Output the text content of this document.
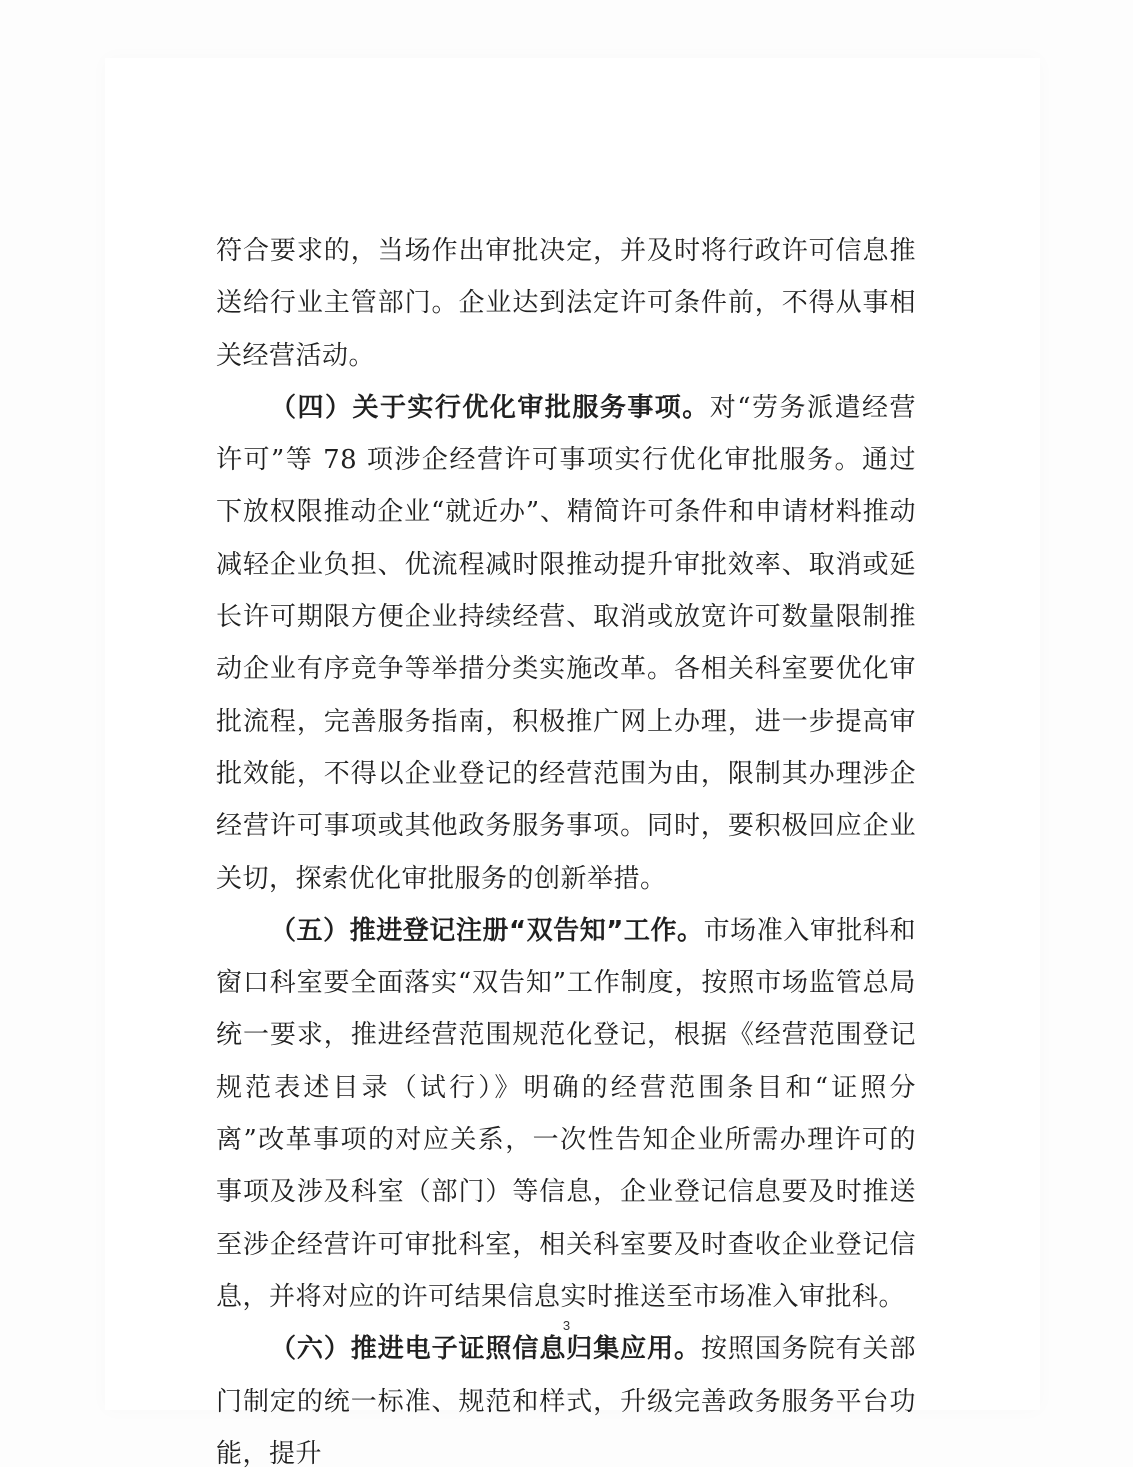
符合要求的，当场作出审批决定，并及时将行政许可信息推送给行业主管部门。企业达到法定许可条件前，不得从事相关经营活动。

（四）关于实行优化审批服务事项。对“劳务派遣经营许可”等 78 项涉企经营许可事项实行优化审批服务。通过下放权限推动企业“就近办”、精简许可条件和申请材料推动减轻企业负担、优流程减时限推动提升审批效率、取消或延长许可期限方便企业持续经营、取消或放宽许可数量限制推动企业有序竞争等举措分类实施改革。各相关科室要优化审批流程，完善服务指南，积极推广网上办理，进一步提高审批效能，不得以企业登记的经营范围为由，限制其办理涉企经营许可事项或其他政务服务事项。同时，要积极回应企业关切，探索优化审批服务的创新举措。

（五）推进登记注册“双告知”工作。市场准入审批科和窗口科室要全面落实“双告知”工作制度，按照市场监管总局统一要求，推进经营范围规范化登记，根据《经营范围登记规范表述目录（试行）》明确的经营范围条目和“证照分离”改革事项的对应关系，一次性告知企业所需办理许可的事项及涉及科室（部门）等信息，企业登记信息要及时推送至涉企经营许可审批科室，相关科室要及时查收企业登记信息，并将对应的许可结果信息实时推送至市场准入审批科。

（六）推进电子证照信息归集应用。按照国务院有关部门制定的统一标准、规范和样式，升级完善政务服务平台功能，提升

3
